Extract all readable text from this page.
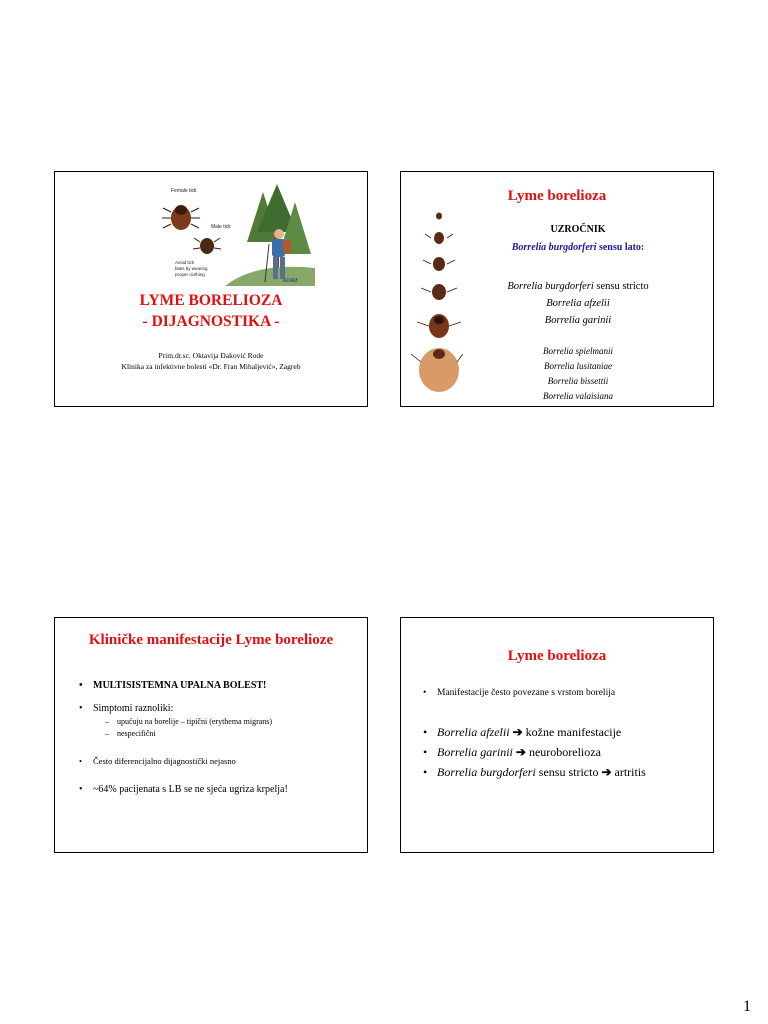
Female tick
Male tick
Avoid tick
bites by wearing
proper clothing
ADAM
LYME BORELIOZA
- DIJAGNOSTIKA -
Prim.dr.sc. Oktavija Đaković Rode
Klinika za infektivne bolesti «Dr. Fran Mihaljević», Zagreb
Lyme borelioza
UZROČNIK
Borrelia burgdorferi sensu lato:
Borrelia burgdorferi sensu stricto
Borrelia afzelii
Borrelia garinii
Borrelia spielmanii
Borrelia lusitaniae
Borrelia bissettii
Borrelia valaisiana
Kliničke manifestacije Lyme borelioze
• MULTISISTEMNA UPALNA BOLEST!
• Simptomi raznoliki:
– upućuju na borelije – tipični (erythema migrans)
– nespecifični
• Često diferencijalno dijagnostički nejasno
• ~64% pacijenata s LB se ne sjeća ugriza krpelja!
Lyme borelioza
• Manifestacije često povezane s vrstom borelija
• Borrelia afzelii ➔ kožne manifestacije
• Borrelia garinii ➔ neuroborelioza
• Borrelia burgdorferi sensu stricto ➔ artritis
1
